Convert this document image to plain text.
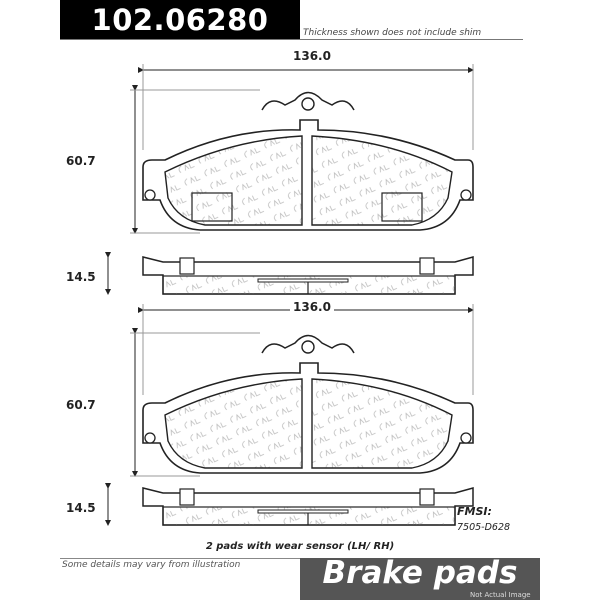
102.06280	Thickness shown does not include shim
136.0
60.7
14.5
136.0
60.7
14.5	FMSI:
7505-D628
2 pads with wear sensor (LH/ RH)
Some details may vary from illustration	Brake pads
Not Actual Image
